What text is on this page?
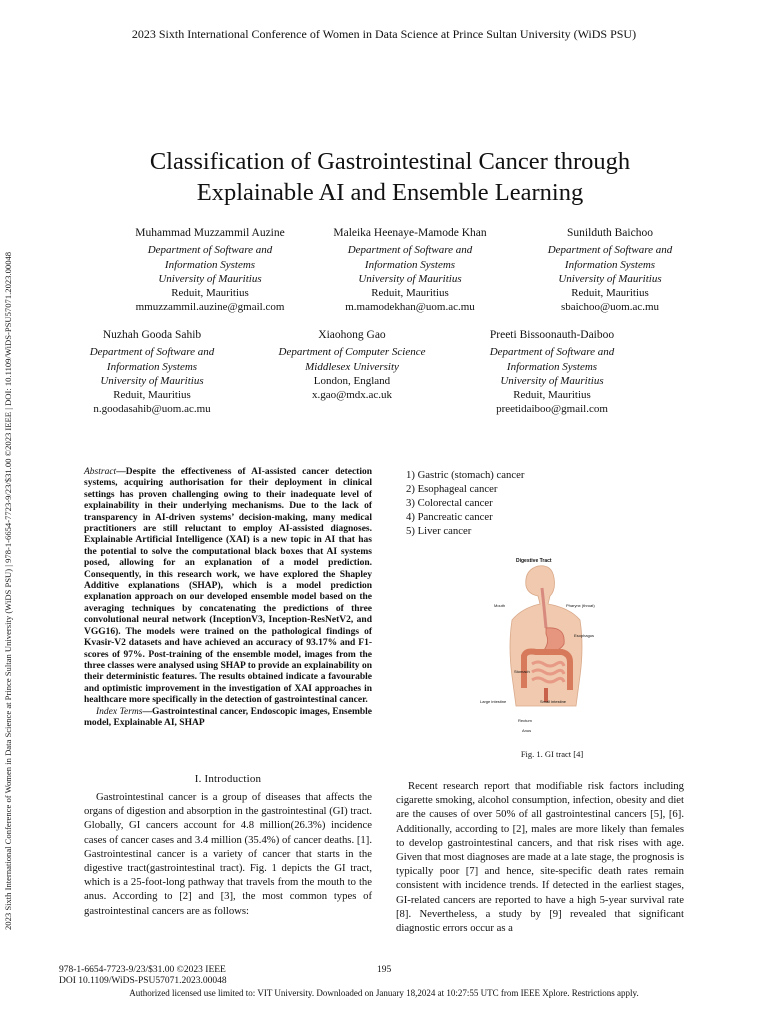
2023 Sixth International Conference of Women in Data Science at Prince Sultan University (WiDS PSU)
2023 Sixth International Conference of Women in Data Science at Prince Sultan University (WiDS PSU) | 978-1-6654-7723-9/23/$31.00 ©2023 IEEE | DOI: 10.1109/WiDS-PSU57071.2023.00048
Classification of Gastrointestinal Cancer through
Explainable AI and Ensemble Learning
Muhammad Muzzammil Auzine
Department of Software and
Information Systems
University of Mauritius
Reduit, Mauritius
mmuzzammil.auzine@gmail.com
Maleika Heenaye-Mamode Khan
Department of Software and
Information Systems
University of Mauritius
Reduit, Mauritius
m.mamodekhan@uom.ac.mu
Sunilduth Baichoo
Department of Software and
Information Systems
University of Mauritius
Reduit, Mauritius
sbaichoo@uom.ac.mu
Nuzhah Gooda Sahib
Department of Software and
Information Systems
University of Mauritius
Reduit, Mauritius
n.goodasahib@uom.ac.mu
Xiaohong Gao
Department of Computer Science
Middlesex University
London, England
x.gao@mdx.ac.uk
Preeti Bissoonauth-Daiboo
Department of Software and
Information Systems
University of Mauritius
Reduit, Mauritius
preetidaiboo@gmail.com
Abstract—Despite the effectiveness of AI-assisted cancer detection systems, acquiring authorisation for their deployment in clinical settings has proven challenging owing to their inadequate level of explainability in their underlying mechanisms. Due to the lack of transparency in AI-driven systems’ decision-making, many medical practitioners are still reluctant to employ AI-assisted diagnoses. Explainable Artificial Intelligence (XAI) is a new topic in AI that has the potential to solve the computational black boxes that AI systems posed, allowing for an explanation of a model prediction. Consequently, in this research work, we have explored the Shapley Additive explanations (SHAP), which is a model prediction explanation approach on our developed ensemble model based on the averaging techniques by concatenating the predictions of three convolutional neural network (InceptionV3, Inception-ResNetV2, and VGG16). The models were trained on the pathological findings of Kvasir-V2 datasets and have achieved an accuracy of 93.17% and F1-scores of 97%. Post-training of the ensemble model, images from the three classes were analysed using SHAP to provide an explainability on their deterministic features. The results obtained indicate a favourable and optimistic improvement in the investigation of XAI approaches in healthcare more specifically in the detection of gastrointestinal cancer.
Index Terms—Gastrointestinal cancer, Endoscopic images, Ensemble model, Explainable AI, SHAP
I. Introduction
Gastrointestinal cancer is a group of diseases that affects the organs of digestion and absorption in the gastrointestinal (GI) tract. Globally, GI cancers account for 4.8 million(26.3%) incidence cases of cancer cases and 3.4 million (35.4%) of cancer deaths. [1]. Gastrointestinal cancer is a variety of cancer that starts in the digestive tract(gastrointestinal tract). Fig. 1 depicts the GI tract, which is a 25-foot-long pathway that travels from the mouth to the anus. According to [2] and [3], the most common types of gastrointestinal cancers are as follows:
1) Gastric (stomach) cancer
2) Esophageal cancer
3) Colorectal cancer
4) Pancreatic cancer
5) Liver cancer
Digestive Tract
Mouth	Pharynx (throat)
Esophagus
Stomach
Large intestine	Small intestine
Rectum
Anus
Fig. 1. GI tract [4]
Recent research report that modifiable risk factors including cigarette smoking, alcohol consumption, infection, obesity and diet are the causes of over 50% of all gastrointestinal cancers [5], [6]. Additionally, according to [2], males are more likely than females to develop gastrointestinal cancers, and that risk rises with age. Given that most diagnoses are made at a late stage, the prognosis is typically poor [7] and hence, site-specific death rates remain consistent with incidence trends. If detected in the earliest stages, GI-related cancers are reported to have a high 5-year survival rate [8]. Nevertheless, a study by [9] revealed that significant diagnostic errors occur as a
978-1-6654-7723-9/23/$31.00 ©2023 IEEE
DOI 10.1109/WiDS-PSU57071.2023.00048
195
Authorized licensed use limited to: VIT University. Downloaded on January 18,2024 at 10:27:55 UTC from IEEE Xplore. Restrictions apply.
